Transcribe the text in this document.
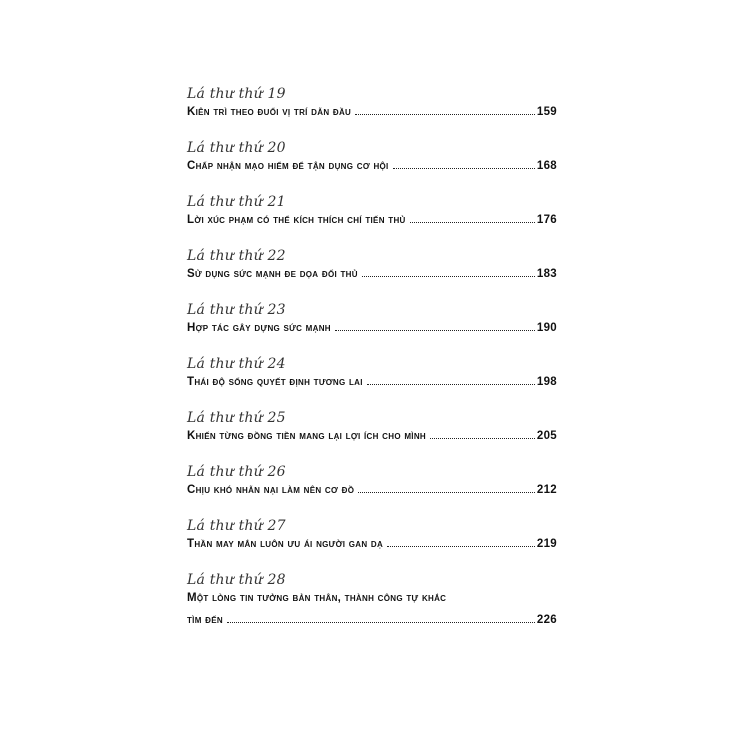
Lá thư thứ 19
Kiên trì theo đuổi vị trí dẫn đầu	159
Lá thư thứ 20
Chấp nhận mạo hiểm để tận dụng cơ hội	168
Lá thư thứ 21
Lời xúc phạm có thể kích thích chí tiến thủ	176
Lá thư thứ 22
Sử dụng sức mạnh đe dọa đối thủ	183
Lá thư thứ 23
Hợp tác gây dựng sức mạnh	190
Lá thư thứ 24
Thái độ sống quyết định tương lai	198
Lá thư thứ 25
Khiến từng đồng tiền mang lại lợi ích cho mình	205
Lá thư thứ 26
Chịu khó nhẫn nại làm nên cơ đồ	212
Lá thư thứ 27
Thần may mắn luôn ưu ái người gan dạ	219
Lá thư thứ 28
Một lòng tin tưởng bản thân, thành công tự khắc
tìm đến	226
